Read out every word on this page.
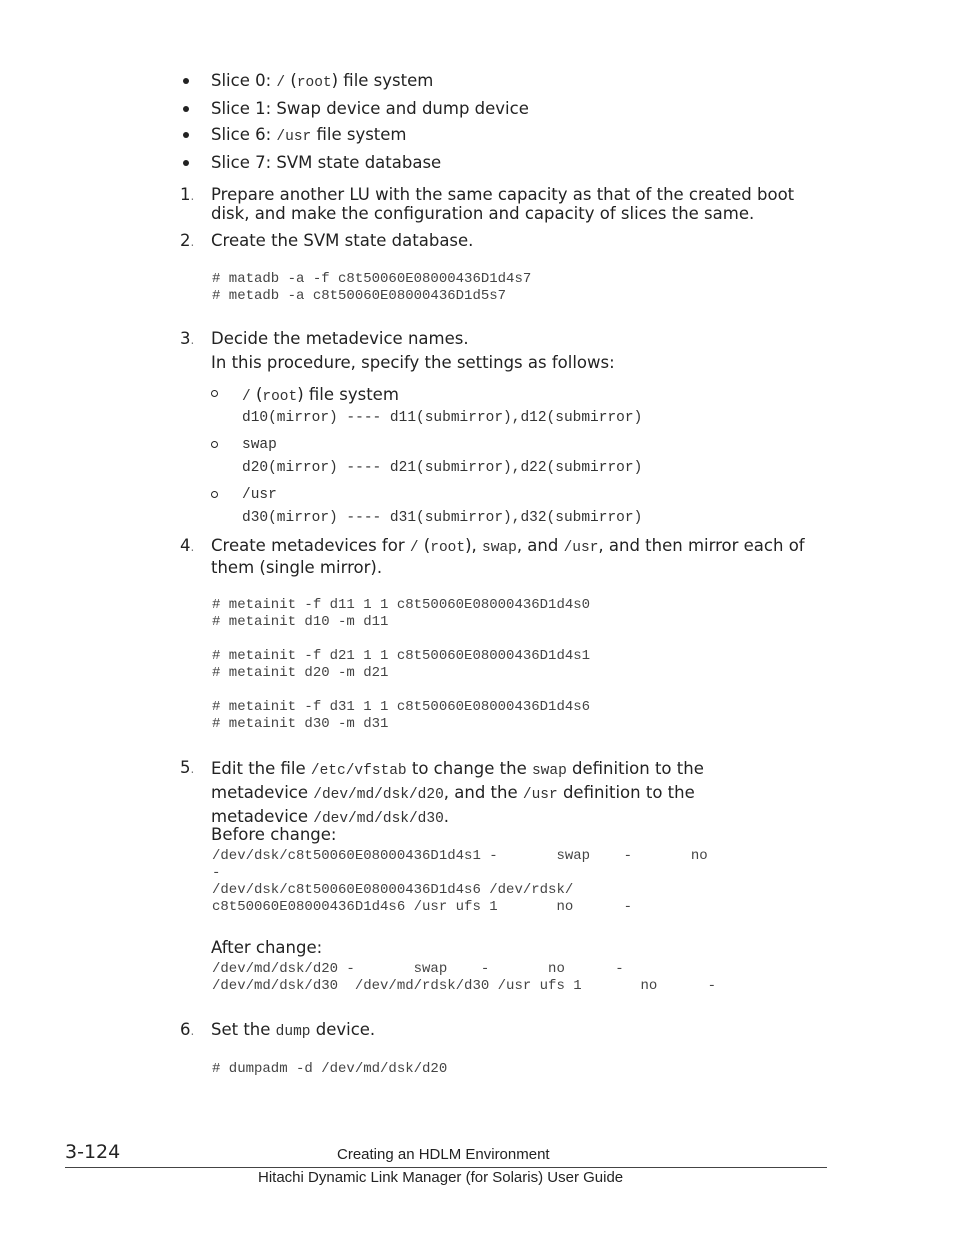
Slice 0: / (root) file system
Slice 1: Swap device and dump device
Slice 6: /usr file system
Slice 7: SVM state database
1. Prepare another LU with the same capacity as that of the created boot
disk, and make the configuration and capacity of slices the same.
2. Create the SVM state database.
# matadb -a -f c8t50060E08000436D1d4s7
# metadb -a c8t50060E08000436D1d5s7
3. Decide the metadevice names.
In this procedure, specify the settings as follows:
/ (root) file system
d10(mirror) ---- d11(submirror),d12(submirror)
swap
d20(mirror) ---- d21(submirror),d22(submirror)
/usr
d30(mirror) ---- d31(submirror),d32(submirror)
4. Create metadevices for / (root), swap, and /usr, and then mirror each of
them (single mirror).
# metainit -f d11 1 1 c8t50060E08000436D1d4s0
# metainit d10 -m d11

# metainit -f d21 1 1 c8t50060E08000436D1d4s1
# metainit d20 -m d21

# metainit -f d31 1 1 c8t50060E08000436D1d4s6
# metainit d30 -m d31
5. Edit the file /etc/vfstab to change the swap definition to the
metadevice /dev/md/dsk/d20, and the /usr definition to the
metadevice /dev/md/dsk/d30.
Before change:
/dev/dsk/c8t50060E08000436D1d4s1 -       swap    -       no
-
/dev/dsk/c8t50060E08000436D1d4s6 /dev/rdsk/
c8t50060E08000436D1d4s6 /usr ufs 1       no      -
After change:
/dev/md/dsk/d20 -       swap    -       no      -
/dev/md/dsk/d30  /dev/md/rdsk/d30 /usr ufs 1       no      -
6. Set the dump device.
# dumpadm -d /dev/md/dsk/d20
3-124	Creating an HDLM Environment
Hitachi Dynamic Link Manager (for Solaris) User Guide
